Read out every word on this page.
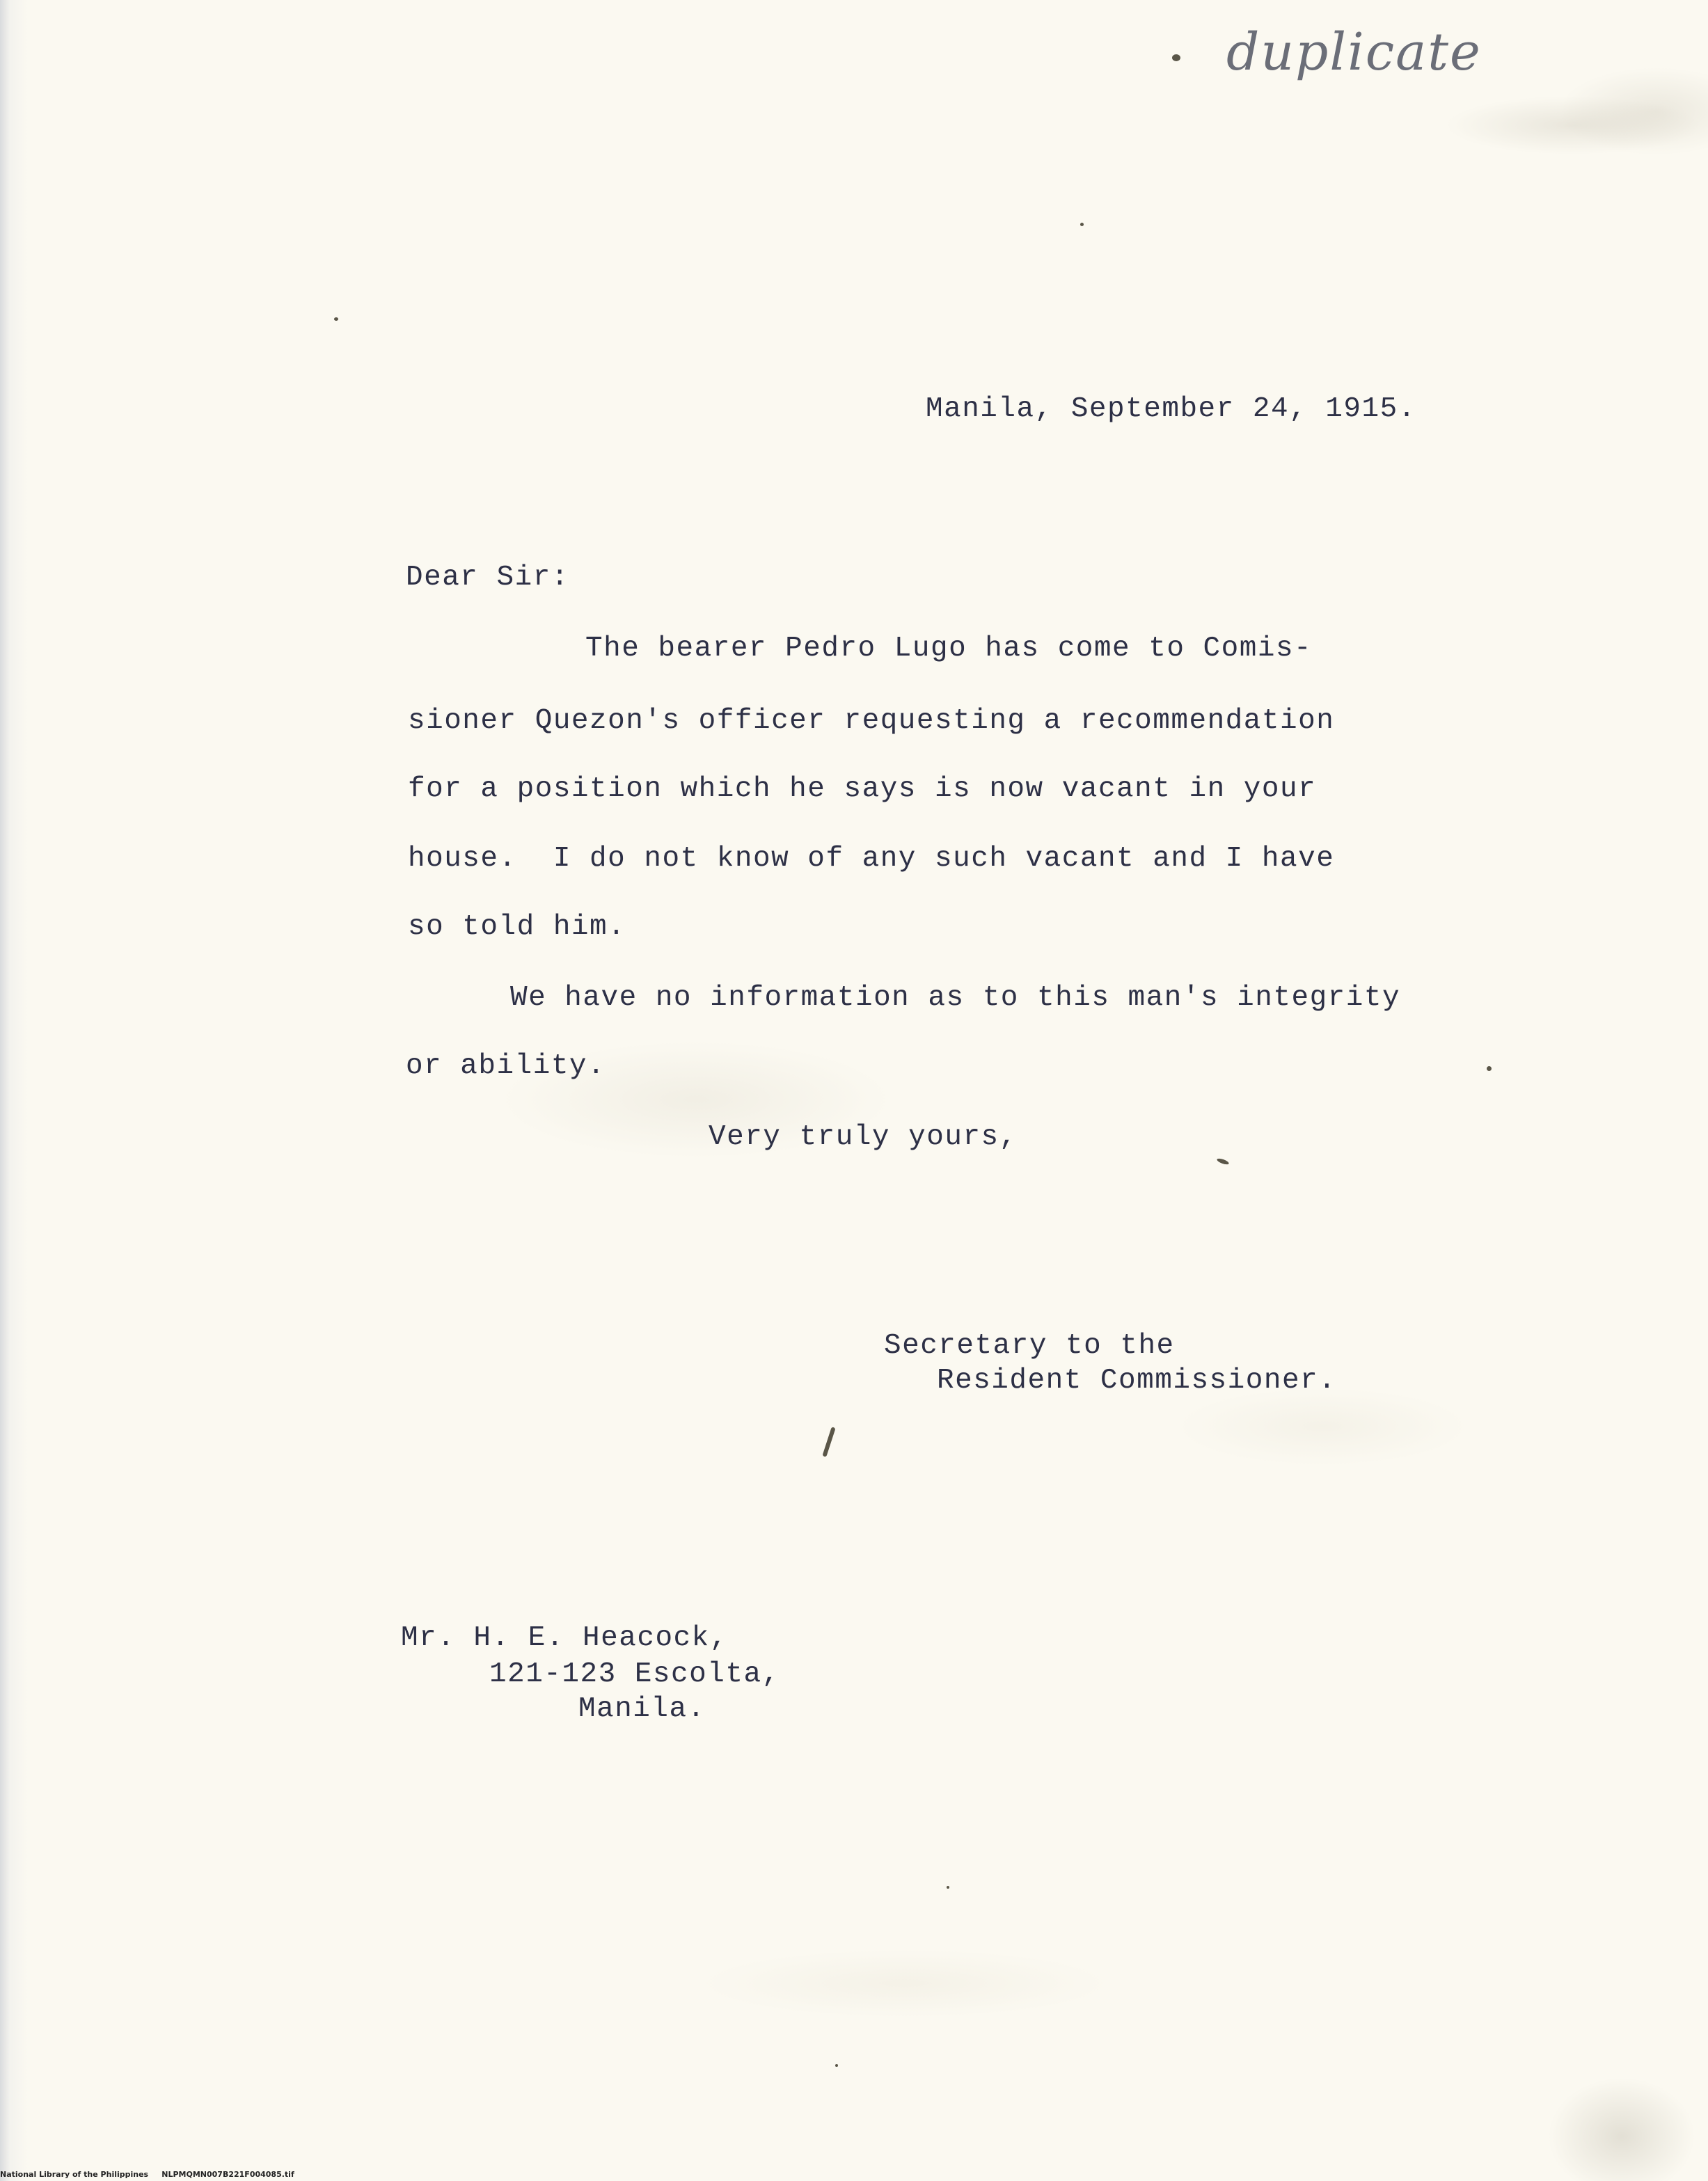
duplicate
Manila, September 24, 1915.
Dear Sir:
The bearer Pedro Lugo has come to Comis-
sioner Quezon's officer requesting a recommendation
for a position which he says is now vacant in your
house.  I do not know of any such vacant and I have
so told him.
We have no information as to this man's integrity
or ability.
Very truly yours,
Secretary to the
Resident Commissioner.
Mr. H. E. Heacock,
121-123 Escolta,
Manila.
National Library of the Philippines NLPMQMN007B221F004085.tif
